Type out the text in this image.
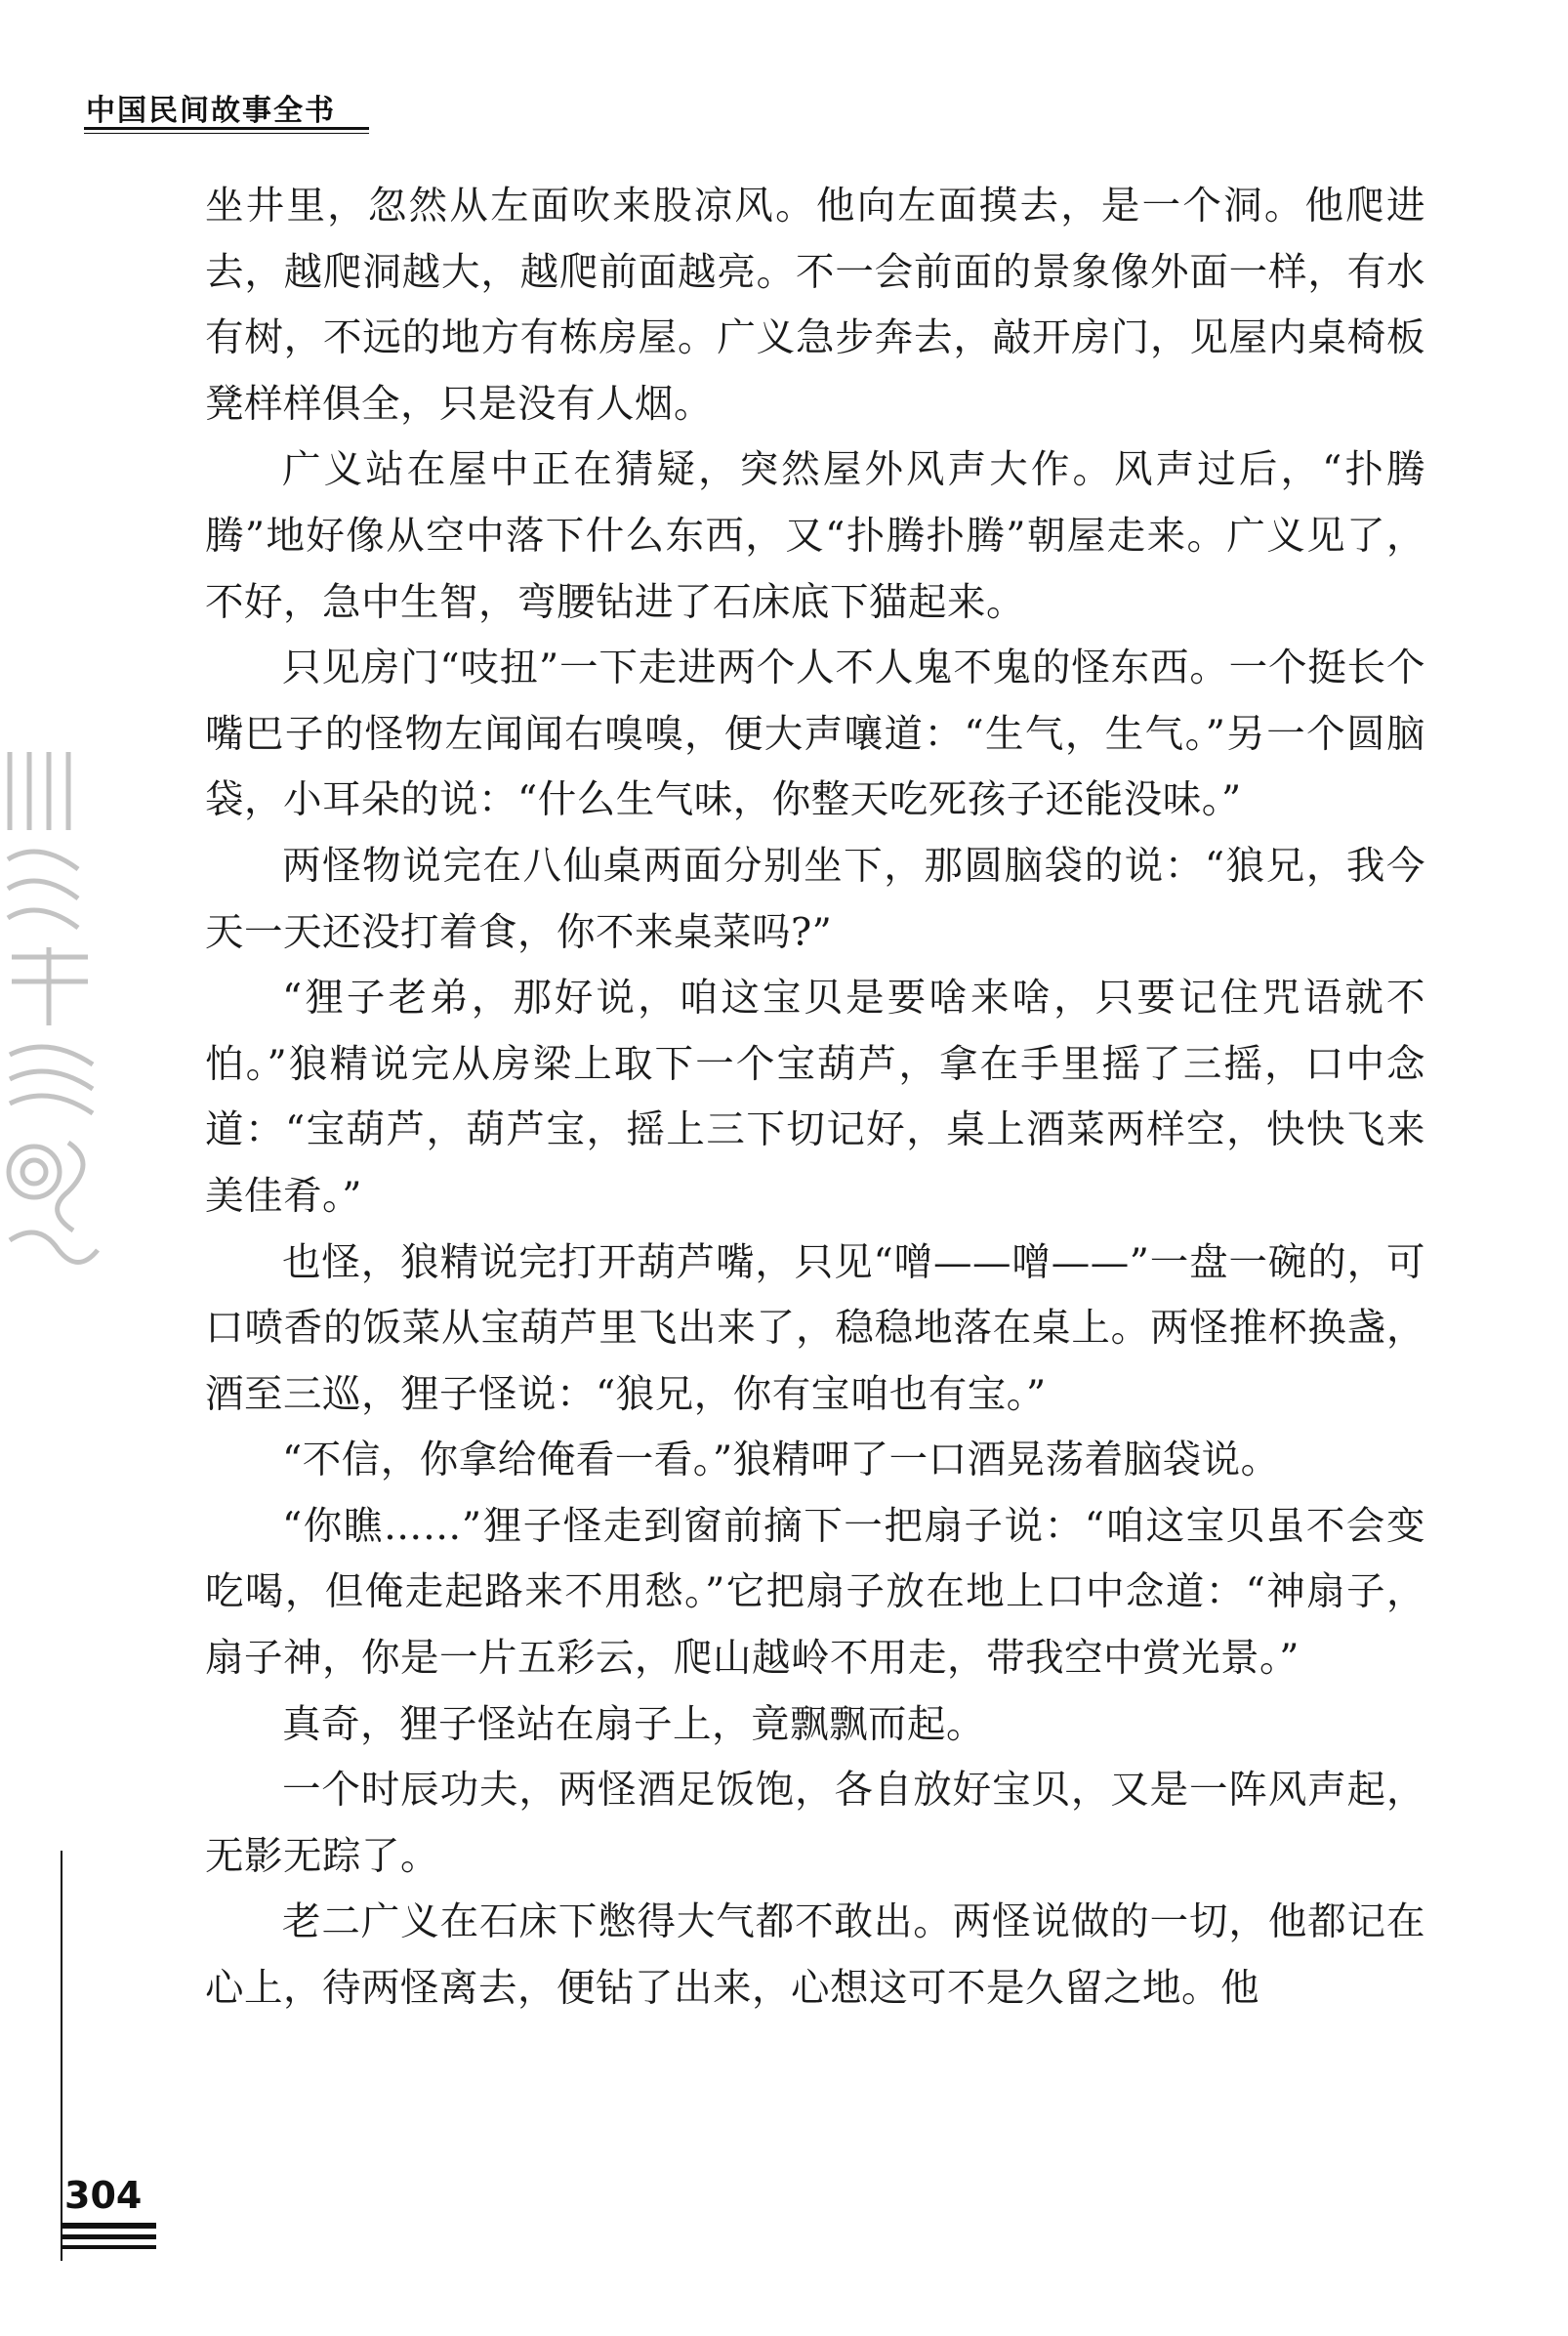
中国民间故事全书

坐井里，忽然从左面吹来股凉风。他向左面摸去，是一个洞。他爬进去，越爬洞越大，越爬前面越亮。不一会前面的景象像外面一样，有水有树，不远的地方有栋房屋。广义急步奔去，敲开房门，见屋内桌椅板凳样样俱全，只是没有人烟。

广义站在屋中正在猜疑，突然屋外风声大作。风声过后，“扑腾腾”地好像从空中落下什么东西，又“扑腾扑腾”朝屋走来。广义见了，不好，急中生智，弯腰钻进了石床底下猫起来。

只见房门“吱扭”一下走进两个人不人鬼不鬼的怪东西。一个挺长个嘴巴子的怪物左闻闻右嗅嗅，便大声嚷道：“生气，生气。”另一个圆脑袋，小耳朵的说：“什么生气味，你整天吃死孩子还能没味。”

两怪物说完在八仙桌两面分别坐下，那圆脑袋的说：“狼兄，我今天一天还没打着食，你不来桌菜吗?”

“狸子老弟，那好说，咱这宝贝是要啥来啥，只要记住咒语就不怕。”狼精说完从房梁上取下一个宝葫芦，拿在手里摇了三摇，口中念道：“宝葫芦，葫芦宝，摇上三下切记好，桌上酒菜两样空，快快飞来美佳肴。”

也怪，狼精说完打开葫芦嘴，只见“噌——噌——”一盘一碗的，可口喷香的饭菜从宝葫芦里飞出来了，稳稳地落在桌上。两怪推杯换盏，酒至三巡，狸子怪说：“狼兄，你有宝咱也有宝。”

“不信，你拿给俺看一看。”狼精呷了一口酒晃荡着脑袋说。

“你瞧……”狸子怪走到窗前摘下一把扇子说：“咱这宝贝虽不会变吃喝，但俺走起路来不用愁。”它把扇子放在地上口中念道：“神扇子，扇子神，你是一片五彩云，爬山越岭不用走，带我空中赏光景。”

真奇，狸子怪站在扇子上，竟飘飘而起。

一个时辰功夫，两怪酒足饭饱，各自放好宝贝，又是一阵风声起，无影无踪了。

老二广义在石床下憋得大气都不敢出。两怪说做的一切，他都记在心上，待两怪离去，便钻了出来，心想这可不是久留之地。他

304
